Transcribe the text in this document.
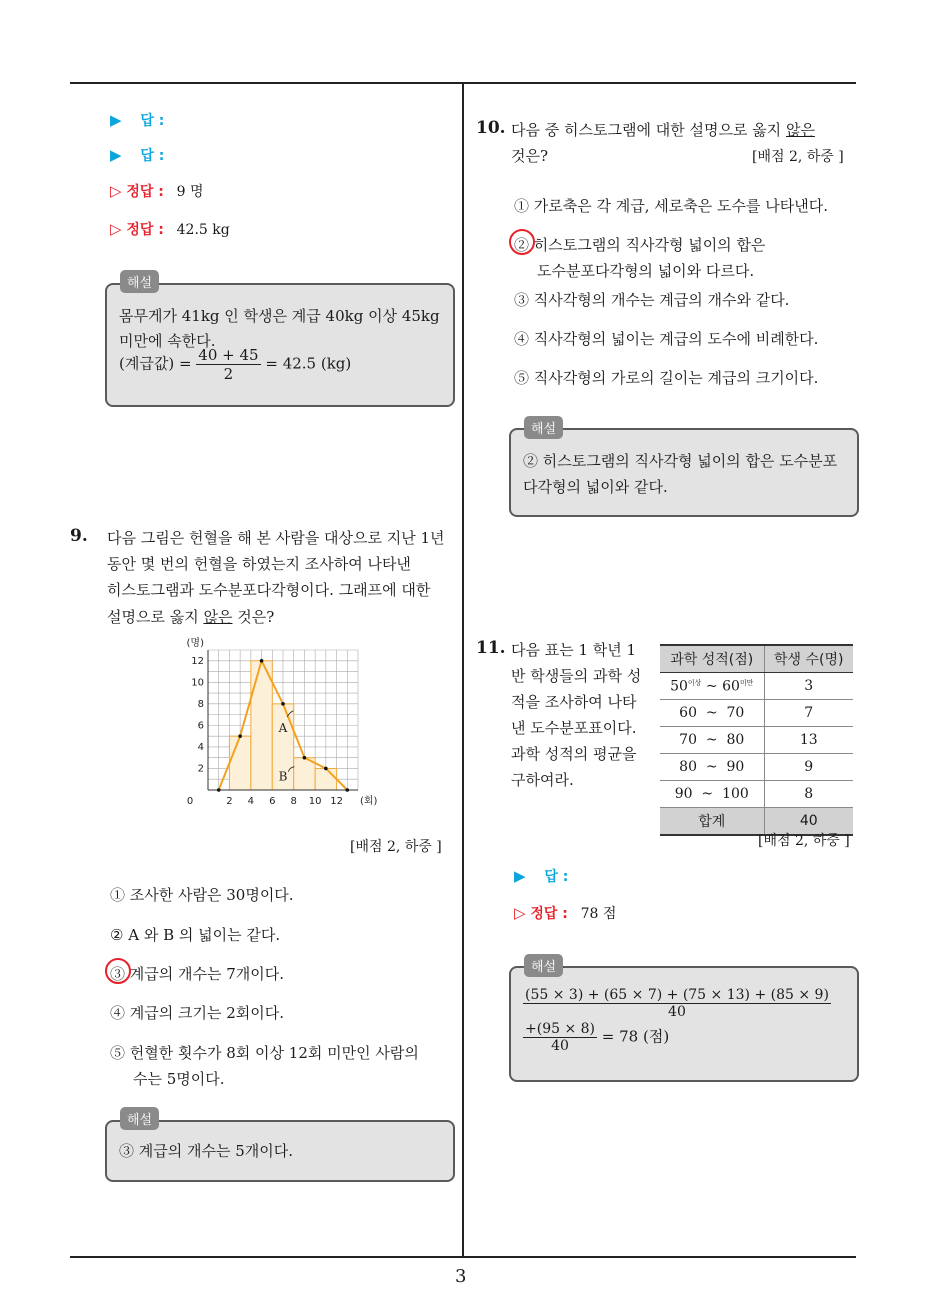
3
▶ 답 :
▶ 답 :
▷ 정답 : 9 명
▷ 정답 : 42.5 kg
해설
몸무게가 41kg 인 학생은 계급 40kg 이상 45kg
미만에 속한다.
(계급값) = $\frac{40 + 45}{2} = 42.5$ (kg)
9. 다음 그림은 헌혈을 해 본 사람을 대상으로 지난 1년
동안 몇 번의 헌혈을 하였는지 조사하여 나타낸
히스토그램과 도수분포다각형이다. 그래프에 대한
설명으로 옳지 않은 것은?
0	2 4 6 8 10 12
2
4
6
8
10
12
(명)
(회)
A
B
[배점 2, 하중 ]
① 조사한 사람은 30명이다.
② A 와 B 의 넓이는 같다.
③ 계급의 개수는 7개이다.
④ 계급의 크기는 2회이다.
⑤ 헌혈한 횟수가 8회 이상 12회 미만인 사람의
수는 5명이다.
해설
③ 계급의 개수는 5개이다.
10. 다음 중 히스토그램에 대한 설명으로 옳지 않은
것은?	[배점 2, 하중 ]
① 가로축은 각 계급, 세로축은 도수를 나타낸다.
② 히스토그램의 직사각형 넓이의 합은
도수분포다각형의 넓이와 다르다.
③ 직사각형의 개수는 계급의 개수와 같다.
④ 직사각형의 넓이는 계급의 도수에 비례한다.
⑤ 직사각형의 가로의 길이는 계급의 크기이다.
해설
② 히스토그램의 직사각형 넓이의 합은 도수분포
다각형의 넓이와 같다.
11. 다음 표는 1 학년 1
반 학생들의 과학 성
적을 조사하여 나타
낸 도수분포표이다.
과학 성적의 평균을
구하여라.
과학 성적(점)	학생 수(명)
$50^{이상}$ ~ $60^{미만}$	3
60  ~  70	7
70  ~  80	13
80  ~  90	9
90  ~  100	8
합계	40
[배점 2, 하중 ]
▶ 답 :
▷ 정답 : 78 점
해설
$\frac{(55 \times 3) + (65 \times 7) + (75 \times 13) + (85 \times 9)}{40}$
$\frac{+(95 \times 8)}{40} = 78$ (점)
